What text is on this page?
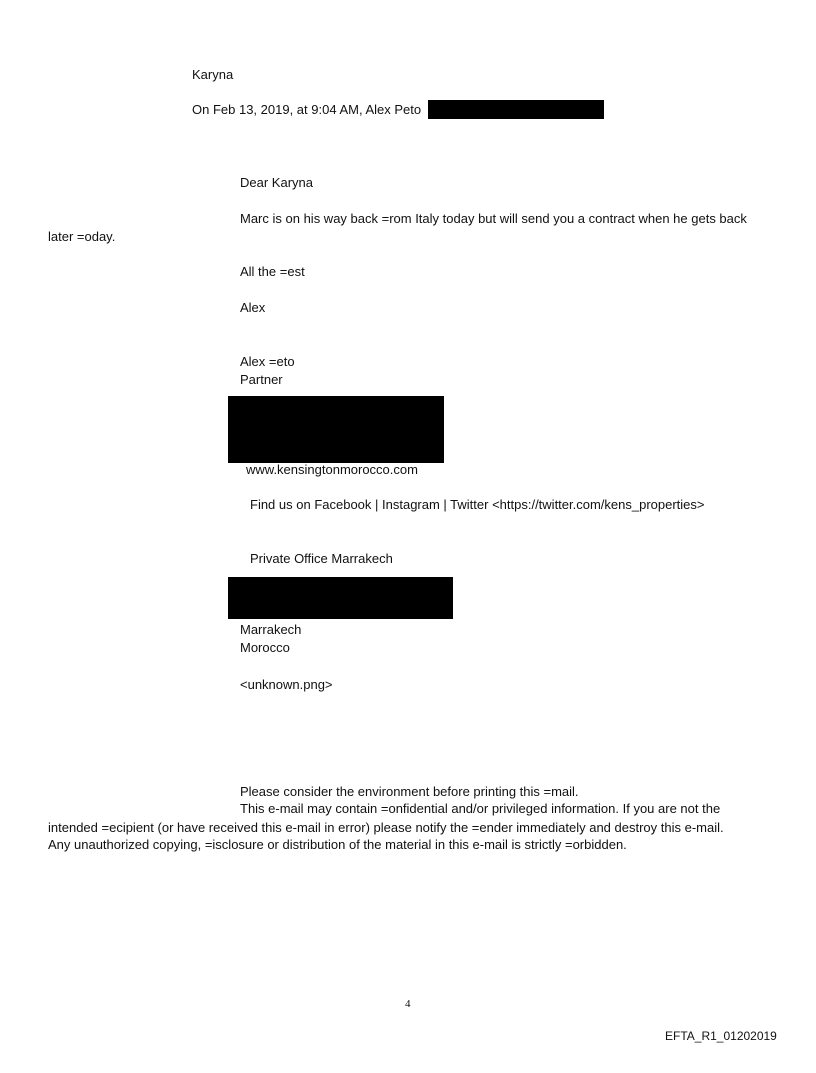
Karyna
On Feb 13, 2019, at 9:04 AM, Alex Peto
Dear Karyna
Marc is on his way back =rom Italy today but will send you a contract when he gets back
later =oday.
All the =est
Alex
Alex =eto
Partner
www.kensingtonmorocco.com
Find us on Facebook | Instagram | Twitter <https://twitter.com/kens_properties>
Private Office Marrakech
Marrakech
Morocco
<unknown.png>
Please consider the environment before printing this =mail.
This e-mail may contain =onfidential and/or privileged information. If you are not the
intended =ecipient (or have received this e-mail in error) please notify the =ender immediately and destroy this e-mail.
Any unauthorized copying, =isclosure or distribution of the material in this e-mail is strictly =orbidden.
4
EFTA_R1_01202019
